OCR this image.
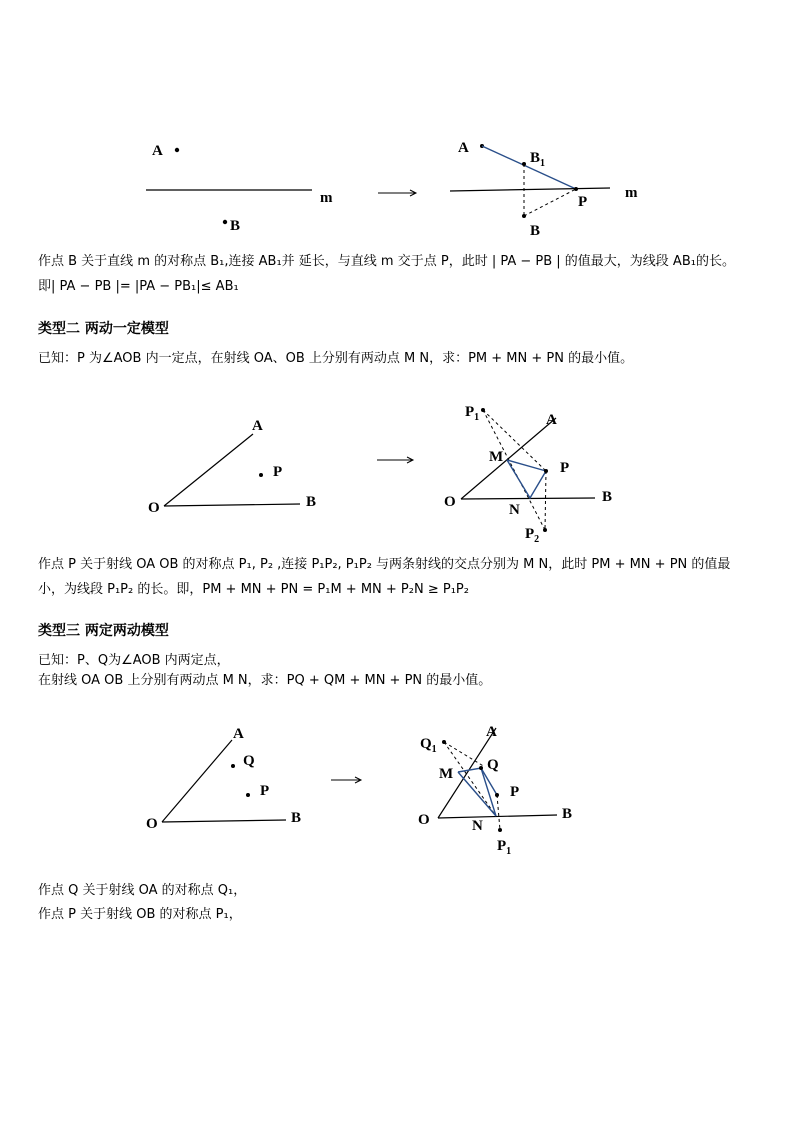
A
m
B
A
m
$B_1$
P
B
作点 B 关于直线 m 的对称点 B₁,连接 AB₁并 延长，与直线 m 交于点 P，此时 | PA − PB | 的值最大，为线段 AB₁的长。
即| PA − PB |= |PA − PB₁|≤ AB₁
类型二 两动一定模型
已知：P 为∠AOB 内一定点，在射线 OA、OB 上分别有两动点 M N，求：PM + MN + PN 的最小值。
A
O
P
B
A
O	B
$P_1$
$P_2$
M
P
N
作点 P 关于射线 OA OB 的对称点 P₁, P₂ ,连接 P₁P₂, P₁P₂ 与两条射线的交点分别为 M N，此时 PM + MN + PN 的值最
小，为线段 P₁P₂ 的长。即，PM + MN + PN = P₁M + MN + P₂N ≥ P₁P₂
类型三 两定两动模型
已知：P、Q为∠AOB 内两定点，
在射线 OA OB 上分别有两动点 M N，求：PQ + QM + MN + PN 的最小值。
A
Q
P
O	B
A
O	B
$Q_1$
M
Q
P
N
$P_1$
作点 Q 关于射线 OA 的对称点 Q₁，
作点 P 关于射线 OB 的对称点 P₁，
